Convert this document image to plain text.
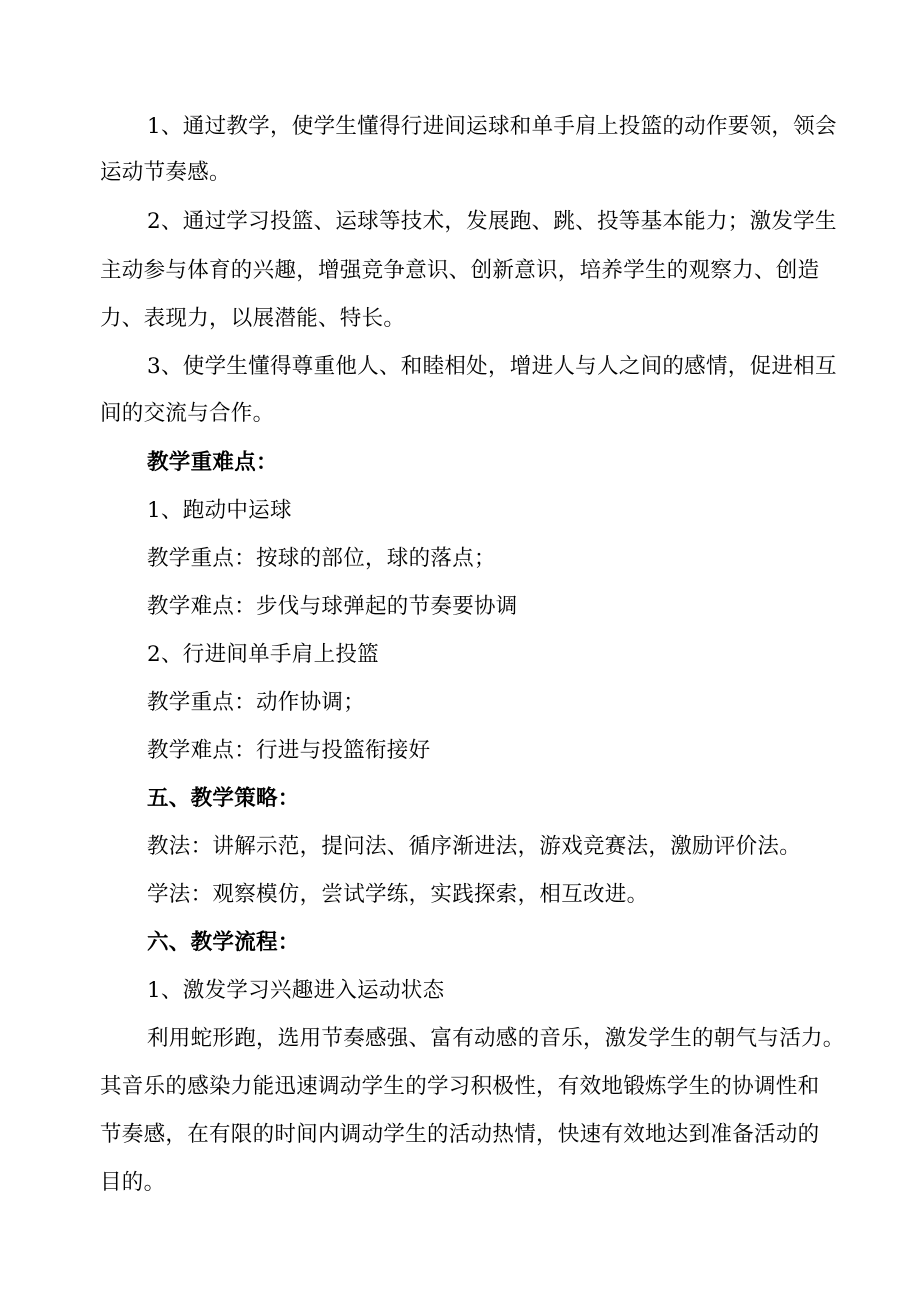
1、通过教学，使学生懂得行进间运球和单手肩上投篮的动作要领，领会
运动节奏感。
2、通过学习投篮、运球等技术，发展跑、跳、投等基本能力；激发学生
主动参与体育的兴趣，增强竞争意识、创新意识，培养学生的观察力、创造
力、表现力，以展潜能、特长。
3、使学生懂得尊重他人、和睦相处，增进人与人之间的感情，促进相互
间的交流与合作。
教学重难点：
1、跑动中运球
教学重点：按球的部位，球的落点；
教学难点：步伐与球弹起的节奏要协调
2、行进间单手肩上投篮
教学重点：动作协调；
教学难点：行进与投篮衔接好
五、教学策略：
教法：讲解示范，提问法、循序渐进法，游戏竞赛法，激励评价法。
学法：观察模仿，尝试学练，实践探索，相互改进。
六、教学流程：
1、激发学习兴趣进入运动状态
利用蛇形跑，选用节奏感强、富有动感的音乐，激发学生的朝气与活力。
其音乐的感染力能迅速调动学生的学习积极性，有效地锻炼学生的协调性和
节奏感，在有限的时间内调动学生的活动热情，快速有效地达到准备活动的
目的。
